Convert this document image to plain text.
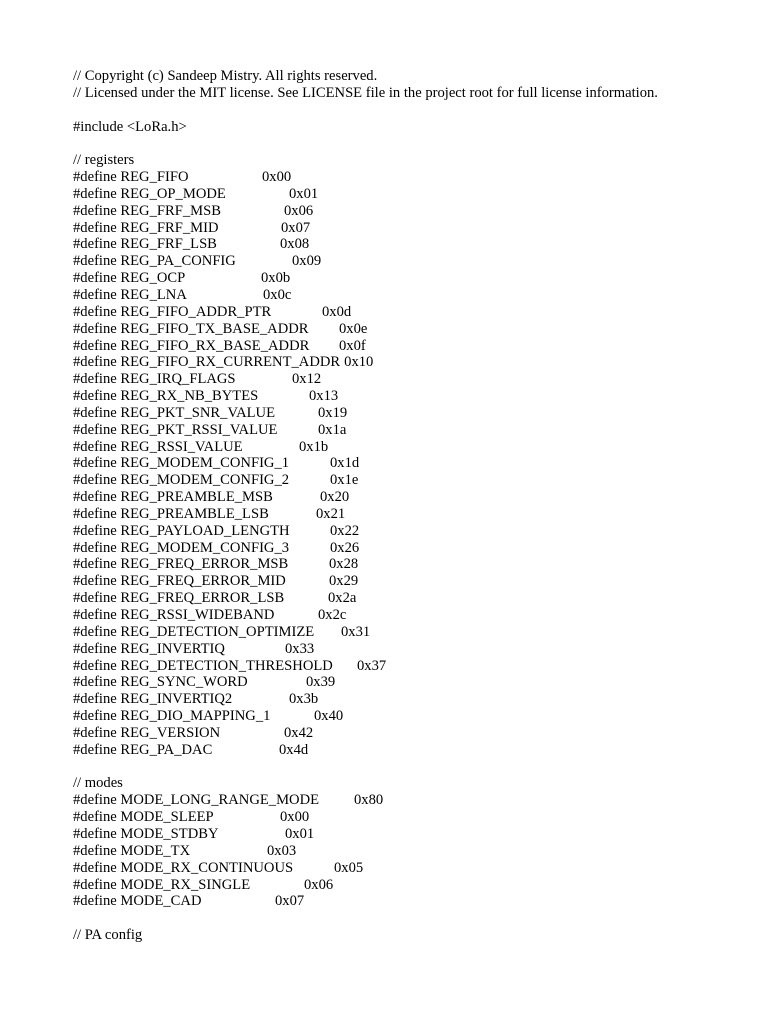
// Copyright (c) Sandeep Mistry. All rights reserved.
// Licensed under the MIT license. See LICENSE file in the project root for full license information.
#include <LoRa.h>
// registers
#define REG_FIFO	0x00
#define REG_OP_MODE	0x01
#define REG_FRF_MSB	0x06
#define REG_FRF_MID	0x07
#define REG_FRF_LSB	0x08
#define REG_PA_CONFIG	0x09
#define REG_OCP	0x0b
#define REG_LNA	0x0c
#define REG_FIFO_ADDR_PTR	0x0d
#define REG_FIFO_TX_BASE_ADDR 0x0e
#define REG_FIFO_RX_BASE_ADDR 0x0f
#define REG_FIFO_RX_CURRENT_ADDR 0x10
#define REG_IRQ_FLAGS	0x12
#define REG_RX_NB_BYTES	0x13
#define REG_PKT_SNR_VALUE	0x19
#define REG_PKT_RSSI_VALUE	0x1a
#define REG_RSSI_VALUE	0x1b
#define REG_MODEM_CONFIG_1	0x1d
#define REG_MODEM_CONFIG_2	0x1e
#define REG_PREAMBLE_MSB	0x20
#define REG_PREAMBLE_LSB	0x21
#define REG_PAYLOAD_LENGTH	0x22
#define REG_MODEM_CONFIG_3	0x26
#define REG_FREQ_ERROR_MSB	0x28
#define REG_FREQ_ERROR_MID	0x29
#define REG_FREQ_ERROR_LSB	0x2a
#define REG_RSSI_WIDEBAND	0x2c
#define REG_DETECTION_OPTIMIZE 0x31
#define REG_INVERTIQ	0x33
#define REG_DETECTION_THRESHOLD 0x37
#define REG_SYNC_WORD	0x39
#define REG_INVERTIQ2	0x3b
#define REG_DIO_MAPPING_1	0x40
#define REG_VERSION	0x42
#define REG_PA_DAC	0x4d
// modes
#define MODE_LONG_RANGE_MODE 0x80
#define MODE_SLEEP	0x00
#define MODE_STDBY	0x01
#define MODE_TX	0x03
#define MODE_RX_CONTINUOUS	0x05
#define MODE_RX_SINGLE	0x06
#define MODE_CAD	0x07
// PA config
